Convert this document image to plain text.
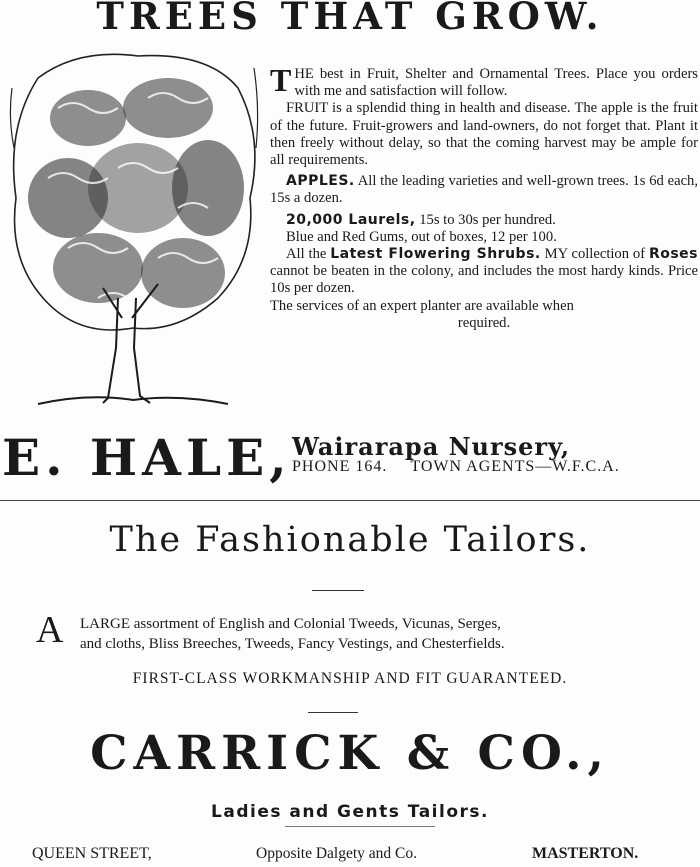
TREES THAT GROW.

T HE best in Fruit, Shelter and Ornamental Trees. Place you orders with me and satisfaction will follow.

FRUIT is a splendid thing in health and disease. The apple is the fruit of the future. Fruit-growers and land-owners, do not forget that. Plant it then freely without delay, so that the coming harvest may be ample for all requirements.

APPLES. All the leading varieties and well-grown trees. 1s 6d each, 15s a dozen.

20,000 Laurels, 15s to 30s per hundred.

Blue and Red Gums, out of boxes, 12 per 100.

All the Latest Flowering Shrubs. MY collection of Roses cannot be beaten in the colony, and includes the most hardy kinds. Price 10s per dozen.

The services of an expert planter are available when

required.

E. HALE, Wairarapa Nursery,
PHONE 164. TOWN AGENTS—W.F.C.A.
The Fashionable Tailors.
A LARGE assortment of English and Colonial Tweeds, Vicunas, Serges,
and cloths, Bliss Breeches, Tweeds, Fancy Vestings, and Chesterfields.
FIRST-CLASS WORKMANSHIP AND FIT GUARANTEED.
CARRICK & CO.,
Ladies and Gents Tailors.
QUEEN STREET,	Opposite Dalgety and Co.	MASTERTON.
